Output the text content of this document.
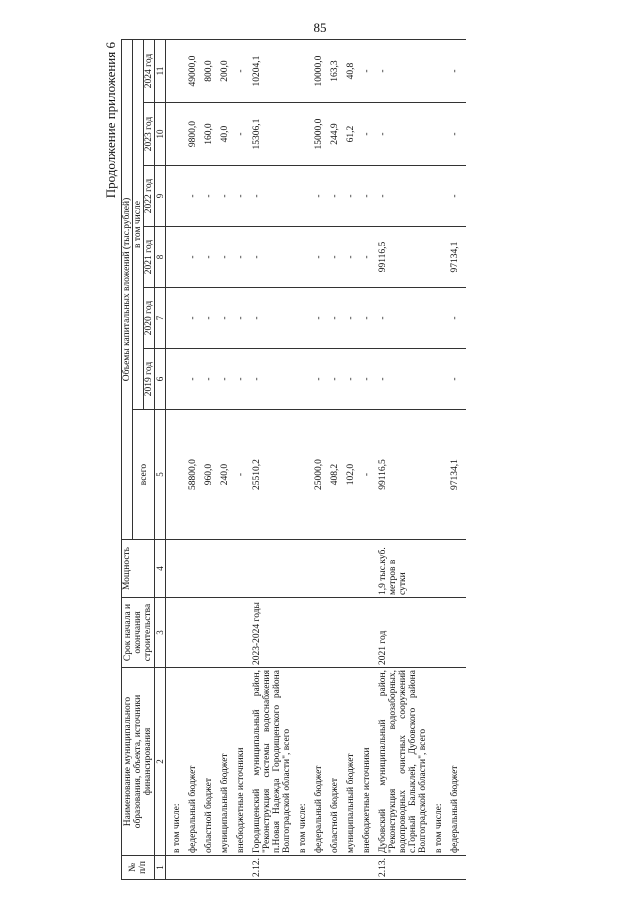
85
Продолжение приложения 6
№ п/п	Наименование муниципального образования, объекта, источники финансирования	Срок начала и окончания строительства	Мощность	Объемы капитальных вложений (тыс.рублей)						
				всего	в том числе					
					2019 год	2020 год	2021 год	2022 год	2023 год	2024 год
1	2	3	4	5	6	7	8	9	10	11

	в том числе:									

	федеральный бюджет			58800,0	-	-	-	-	9800,0	49000,0

	областной бюджет			960,0	-	-	-	-	160,0	800,0

	муниципальный бюджет			240,0	-	-	-	-	40,0	200,0

	внебюджетные источники			-	-	-	-	-	-	-

2.12.	Городищенский муниципальный район, "Реконструкция системы водоснабжения п.Новая Надежда Городищенского района Волгоградской области", всего	2023-2024 годы		25510,2	-	-	-	-	15306,1	10204,1

	в том числе:									

	федеральный бюджет			25000,0	-	-	-	-	15000,0	10000,0

	областной бюджет			408,2	-	-	-	-	244,9	163,3

	муниципальный бюджет			102,0	-	-	-	-	61,2	40,8

	внебюджетные источники			-	-	-	-	-	-	-

2.13.	Дубовский муниципальный район, "Реконструкция водозаборных, водопроводных очистных сооружений с.Горный Балыклей, Дубовского района Волгоградской области", всего	2021 год	1,9 тыс.куб. метров в сутки	99116,5	-	-	99116,5	-	-	-

	в том числе:									

	федеральный бюджет			97134,1	-	-	97134,1	-	-	-
